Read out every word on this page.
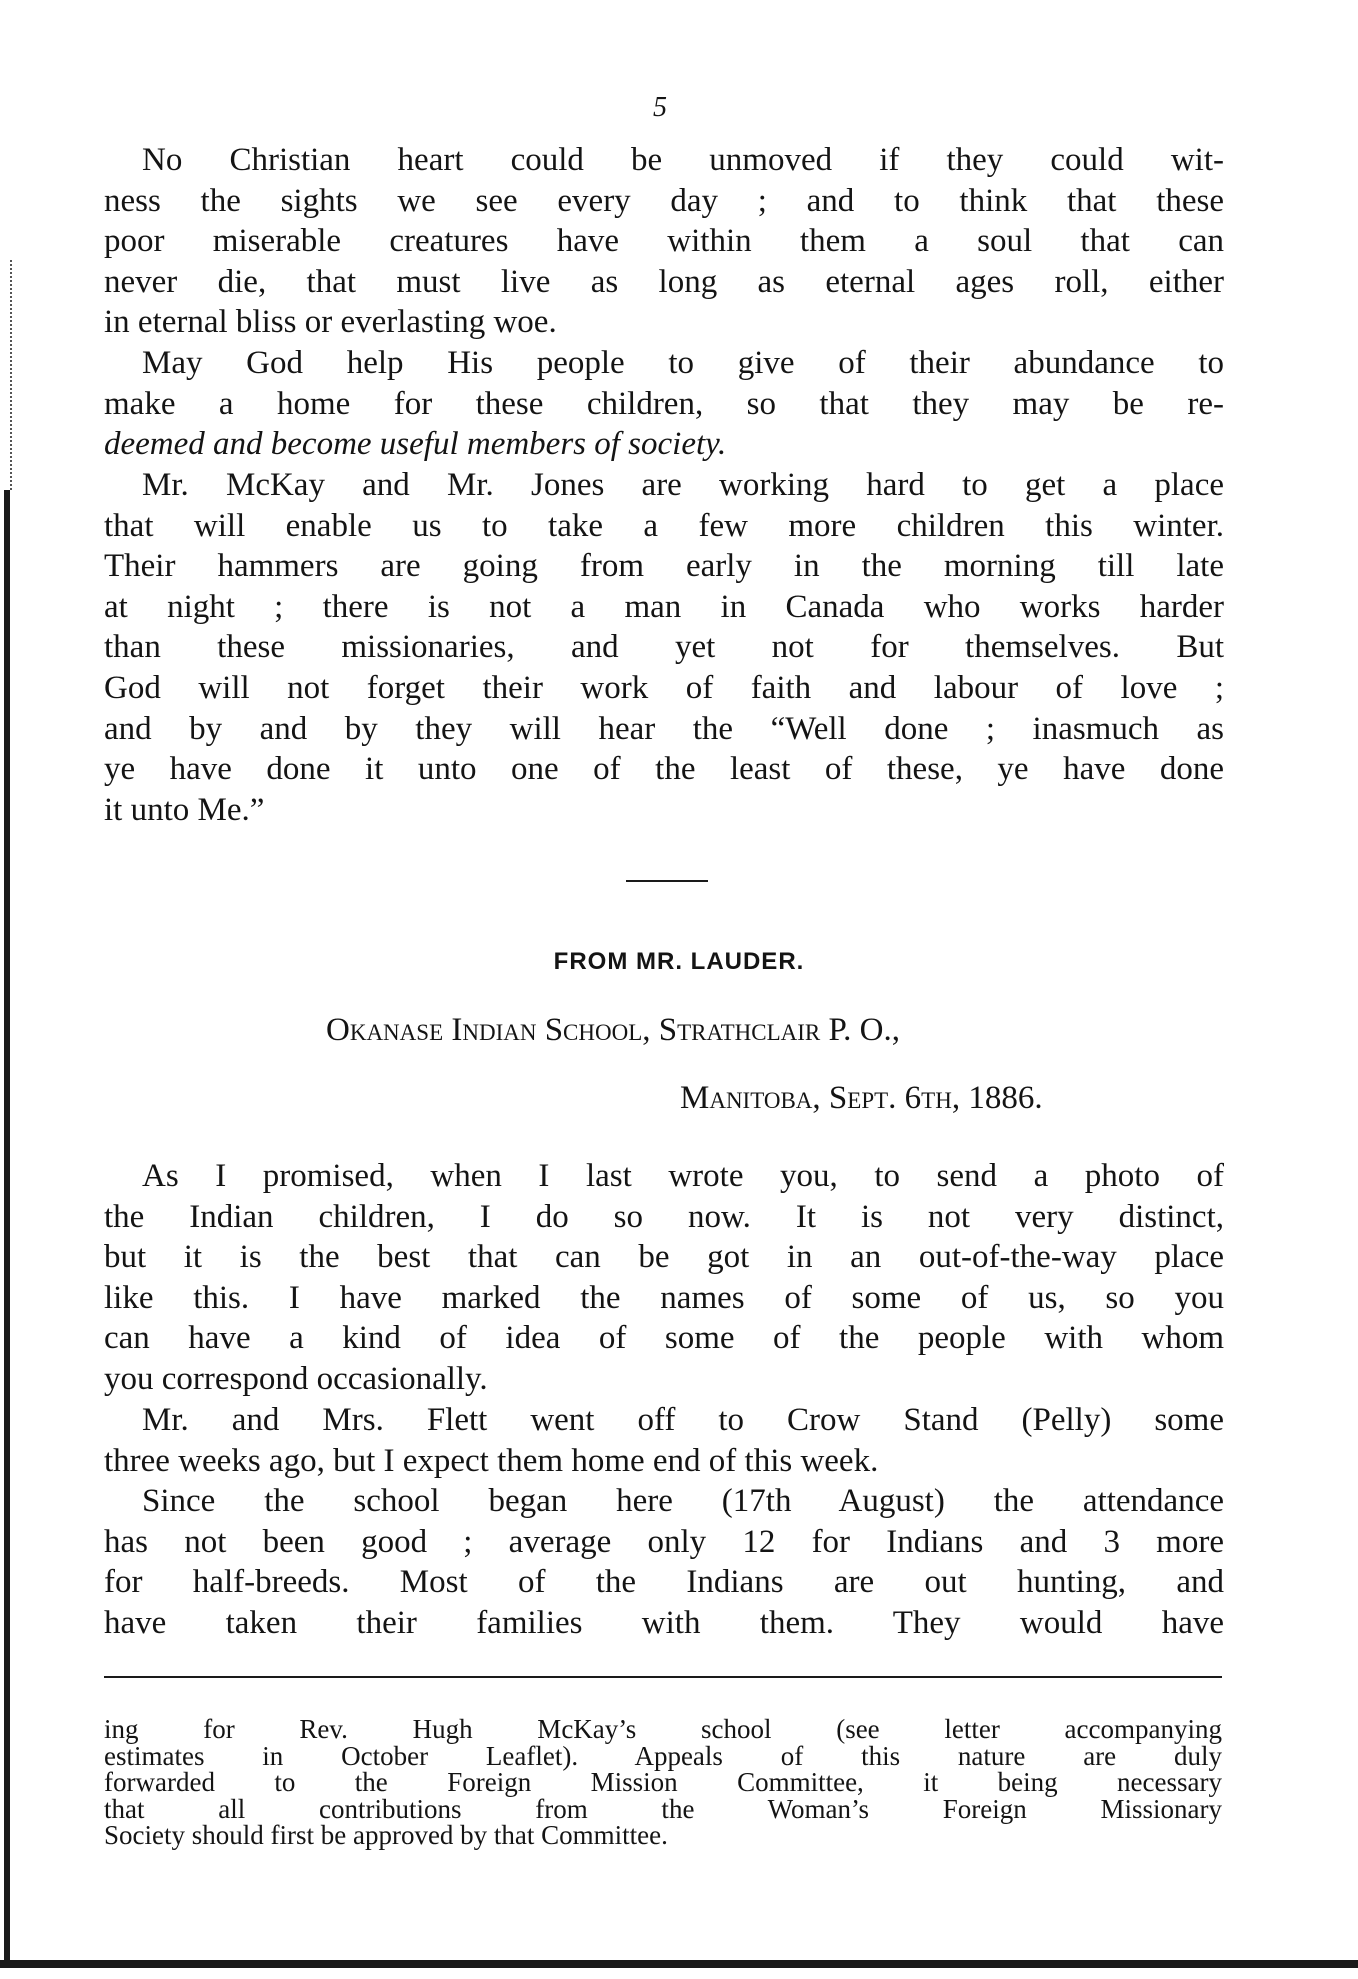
5
No Christian heart could be unmoved if they could wit-
ness the sights we see every day ; and to think that these
poor miserable creatures have within them a soul that can
never die, that must live as long as eternal ages roll, either
in eternal bliss or everlasting woe.
May God help His people to give of their abundance to
make a home for these children, so that they may be re-
deemed and become useful members of society.
Mr. McKay and Mr. Jones are working hard to get a place
that will enable us to take a few more children this winter.
Their hammers are going from early in the morning till late
at night ; there is not a man in Canada who works harder
than these missionaries, and yet not for themselves. But
God will not forget their work of faith and labour of love ;
and by and by they will hear the “Well done ; inasmuch as
ye have done it unto one of the least of these, ye have done
it unto Me.”
FROM MR. LAUDER.
Okanase Indian School, Strathclair P. O.,
Manitoba, Sept. 6th, 1886.
As I promised, when I last wrote you, to send a photo of
the Indian children, I do so now. It is not very distinct,
but it is the best that can be got in an out-of-the-way place
like this. I have marked the names of some of us, so you
can have a kind of idea of some of the people with whom
you correspond occasionally.
Mr. and Mrs. Flett went off to Crow Stand (Pelly) some
three weeks ago, but I expect them home end of this week.
Since the school began here (17th August) the attendance
has not been good ; average only 12 for Indians and 3 more
for half-breeds. Most of the Indians are out hunting, and
have taken their families with them. They would have
ing for Rev. Hugh McKay’s school (see letter accompanying
estimates in October Leaflet). Appeals of this nature are duly
forwarded to the Foreign Mission Committee, it being necessary
that all contributions from the Woman’s Foreign Missionary
Society should first be approved by that Committee.
